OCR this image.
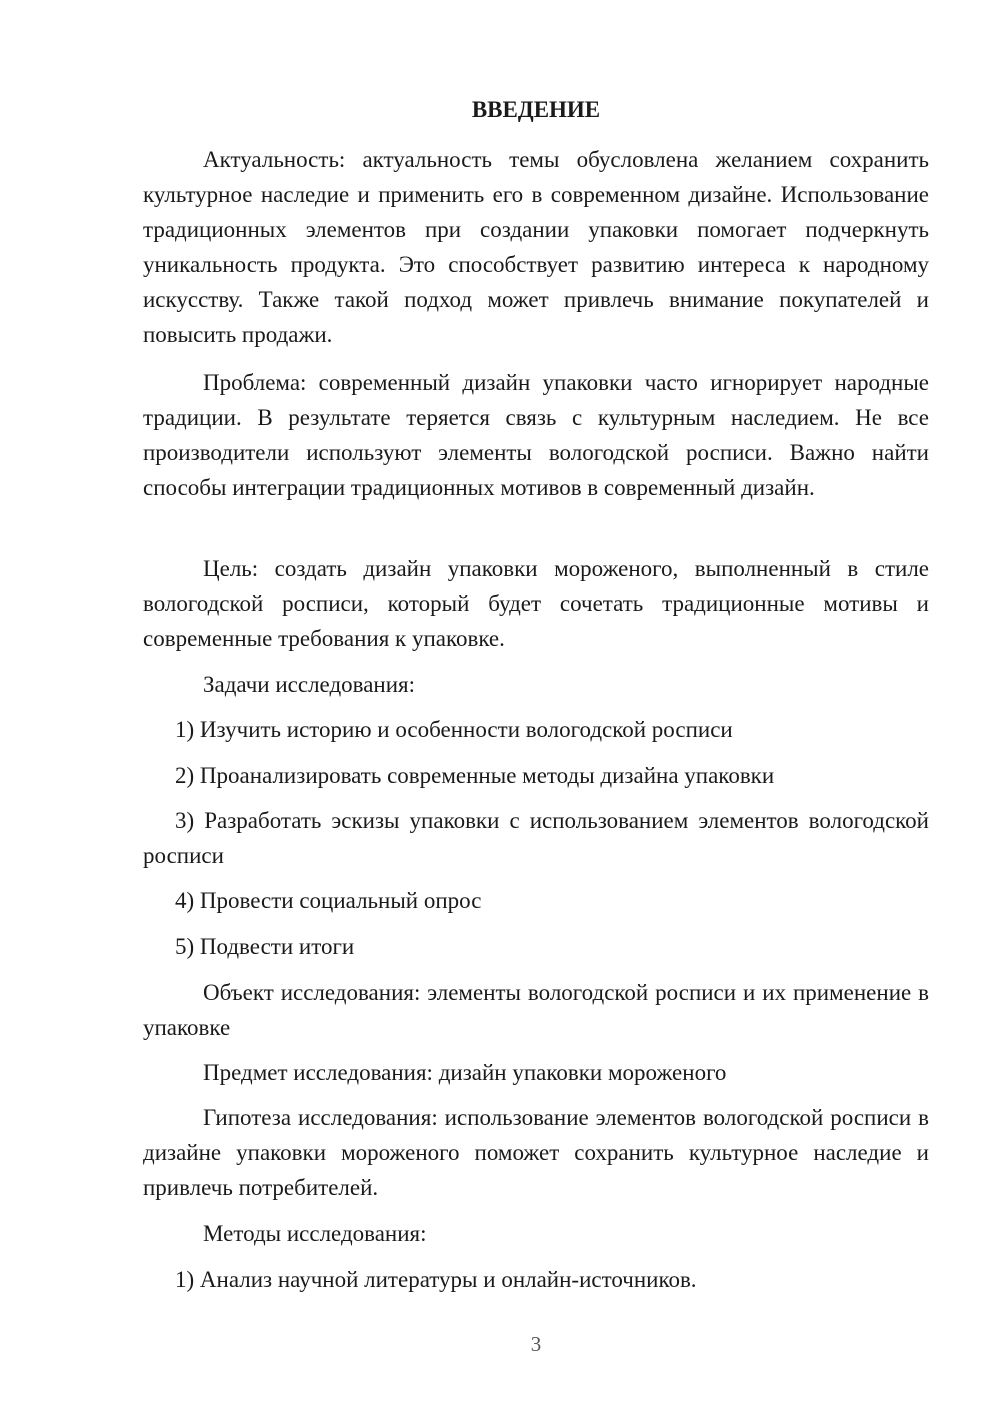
ВВЕДЕНИЕ

Актуальность: актуальность темы обусловлена желанием сохранить культурное наследие и применить его в современном дизайне. Использование традиционных элементов при создании упаковки помогает подчеркнуть уникальность продукта. Это способствует развитию интереса к народному искусству. Также такой подход может привлечь внимание покупателей и повысить продажи.

Проблема: современный дизайн упаковки часто игнорирует народные традиции. В результате теряется связь с культурным наследием. Не все производители используют элементы вологодской росписи. Важно найти способы интеграции традиционных мотивов в современный дизайн.

Цель: создать дизайн упаковки мороженого, выполненный в стиле вологодской росписи, который будет сочетать традиционные мотивы и современные требования к упаковке.

Задачи исследования:

1) Изучить историю и особенности вологодской росписи

2) Проанализировать современные методы дизайна упаковки

3) Разработать эскизы упаковки с использованием элементов вологодской росписи

4) Провести социальный опрос

5) Подвести итоги

Объект исследования: элементы вологодской росписи и их применение в упаковке

Предмет исследования: дизайн упаковки мороженого

Гипотеза исследования: использование элементов вологодской росписи в дизайне упаковки мороженого поможет сохранить культурное наследие и привлечь потребителей.

Методы исследования:

1) Анализ научной литературы и онлайн-источников.

3
